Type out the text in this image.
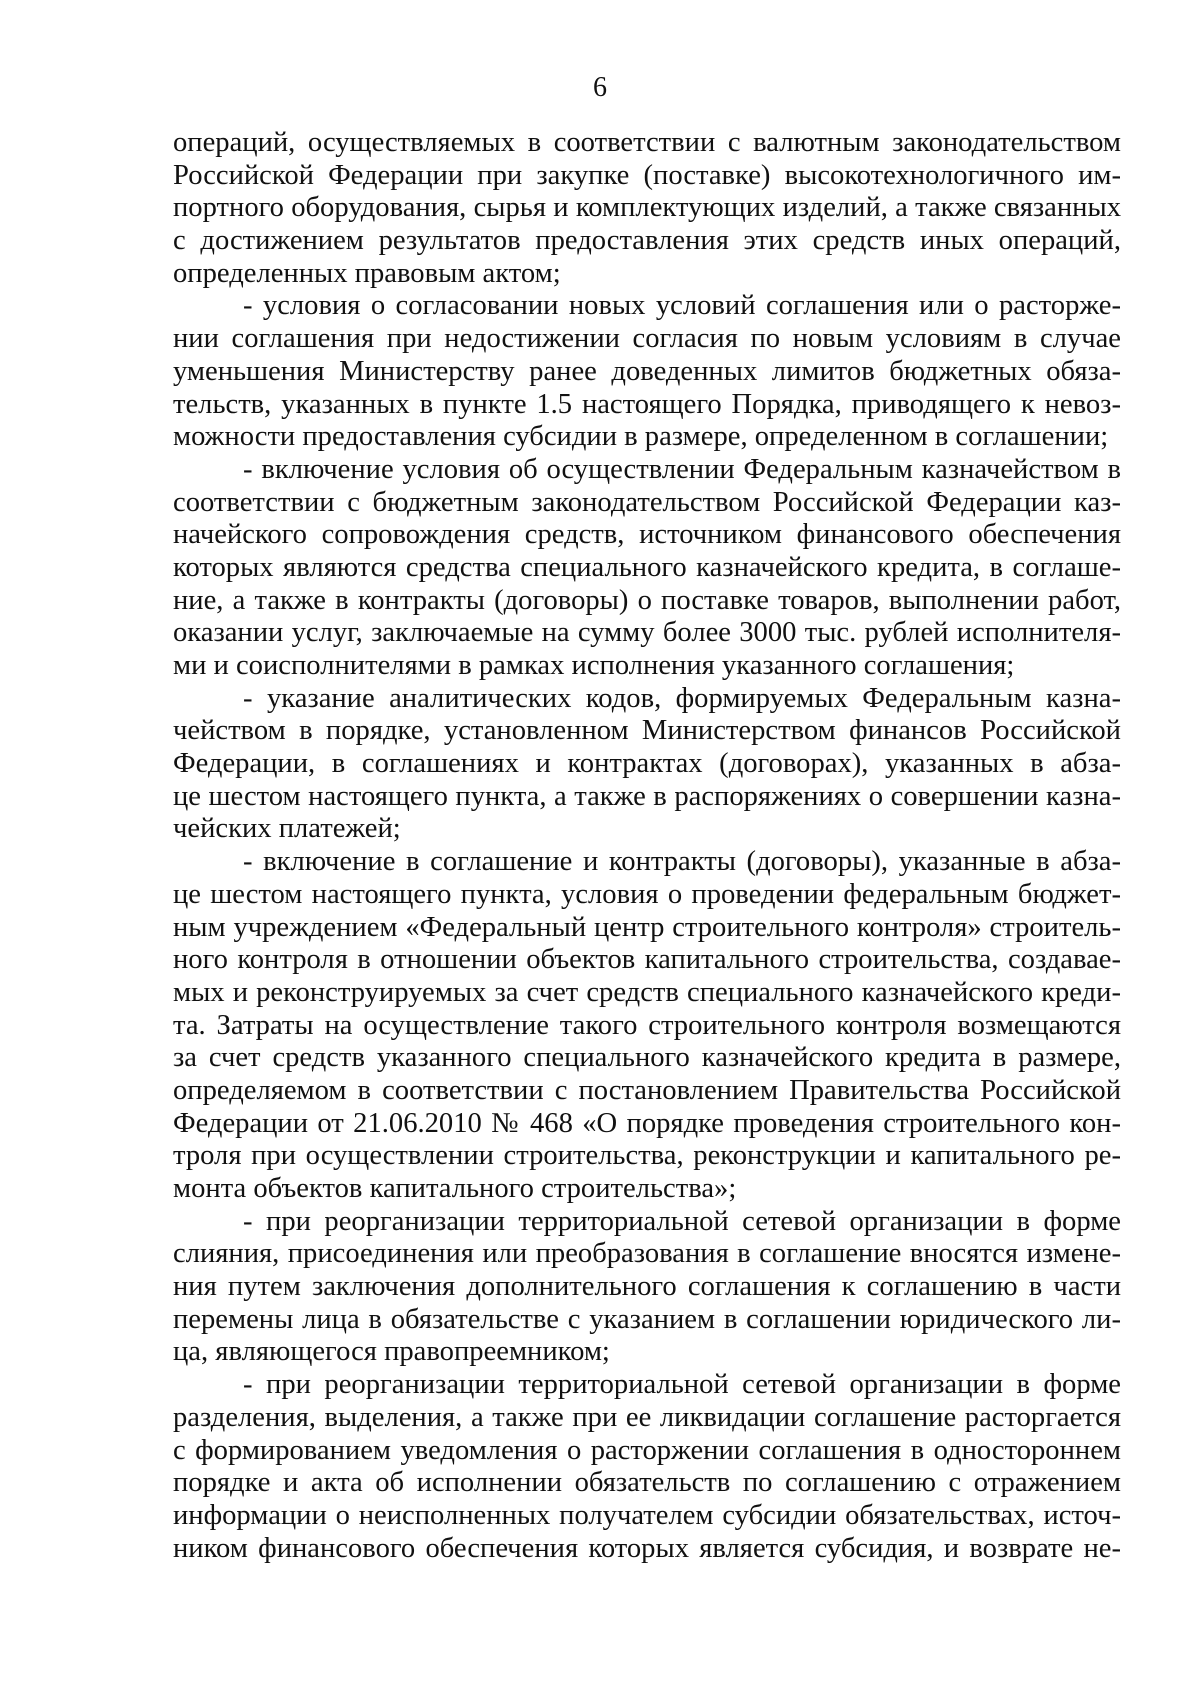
6
операций, осуществляемых в соответствии с валютным законодательством
Российской Федерации при закупке (поставке) высокотехнологичного им-
портного оборудования, сырья и комплектующих изделий, а также связанных
с достижением результатов предоставления этих средств иных операций,
определенных правовым актом;
- условия о согласовании новых условий соглашения или о расторже-
нии соглашения при недостижении согласия по новым условиям в случае
уменьшения Министерству ранее доведенных лимитов бюджетных обяза-
тельств, указанных в пункте 1.5 настоящего Порядка, приводящего к невоз-
можности предоставления субсидии в размере, определенном в соглашении;
- включение условия об осуществлении Федеральным казначейством в
соответствии с бюджетным законодательством Российской Федерации каз-
начейского сопровождения средств, источником финансового обеспечения
которых являются средства специального казначейского кредита, в соглаше-
ние, а также в контракты (договоры) о поставке товаров, выполнении работ,
оказании услуг, заключаемые на сумму более 3000 тыс. рублей исполнителя-
ми и соисполнителями в рамках исполнения указанного соглашения;
- указание аналитических кодов, формируемых Федеральным казна-
чейством в порядке, установленном Министерством финансов Российской
Федерации, в соглашениях и контрактах (договорах), указанных в абза-
це шестом настоящего пункта, а также в распоряжениях о совершении казна-
чейских платежей;
- включение в соглашение и контракты (договоры), указанные в абза-
це шестом настоящего пункта, условия о проведении федеральным бюджет-
ным учреждением «Федеральный центр строительного контроля» строитель-
ного контроля в отношении объектов капитального строительства, создавае-
мых и реконструируемых за счет средств специального казначейского креди-
та. Затраты на осуществление такого строительного контроля возмещаются
за счет средств указанного специального казначейского кредита в размере,
определяемом в соответствии с постановлением Правительства Российской
Федерации от 21.06.2010 № 468 «О порядке проведения строительного кон-
троля при осуществлении строительства, реконструкции и капитального ре-
монта объектов капитального строительства»;
- при реорганизации территориальной сетевой организации в форме
слияния, присоединения или преобразования в соглашение вносятся измене-
ния путем заключения дополнительного соглашения к соглашению в части
перемены лица в обязательстве с указанием в соглашении юридического ли-
ца, являющегося правопреемником;
- при реорганизации территориальной сетевой организации в форме
разделения, выделения, а также при ее ликвидации соглашение расторгается
с формированием уведомления о расторжении соглашения в одностороннем
порядке и акта об исполнении обязательств по соглашению с отражением
информации о неисполненных получателем субсидии обязательствах, источ-
ником финансового обеспечения которых является субсидия, и возврате не-
